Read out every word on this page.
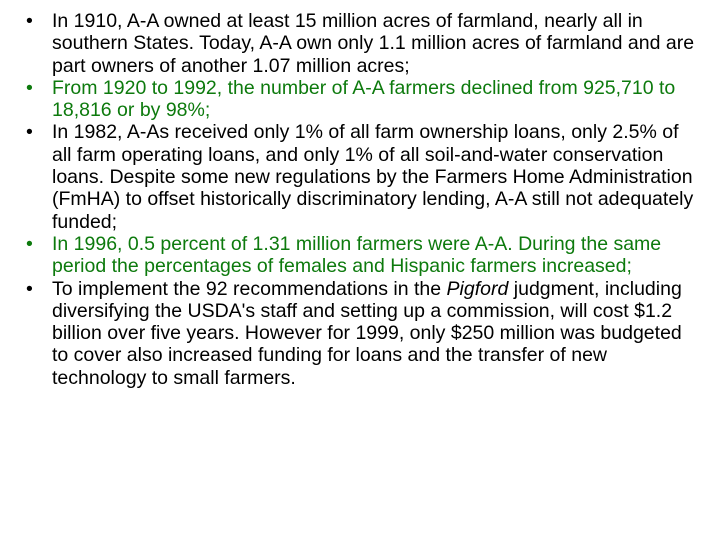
• In 1910, A-A owned at least 15 million acres of farmland, nearly all in southern States. Today, A-A own only 1.1 million acres of farmland and are part owners of another 1.07 million acres;
• From 1920 to 1992, the number of A-A farmers declined from 925,710 to 18,816 or by 98%;
• In 1982, A-As received only 1% of all farm ownership loans, only 2.5% of all farm operating loans, and only 1% of all soil-and-water conservation loans. Despite some new regulations by the Farmers Home Administration (FmHA) to offset historically discriminatory lending, A-A still not adequately funded;
• In 1996, 0.5 percent of 1.31 million farmers were A-A. During the same period the percentages of females and Hispanic farmers increased;
• To implement the 92 recommendations in the Pigford judgment, including diversifying the USDA's staff and setting up a commission, will cost $1.2 billion over five years. However for 1999, only $250 million was budgeted to cover also increased funding for loans and the transfer of new technology to small farmers.
